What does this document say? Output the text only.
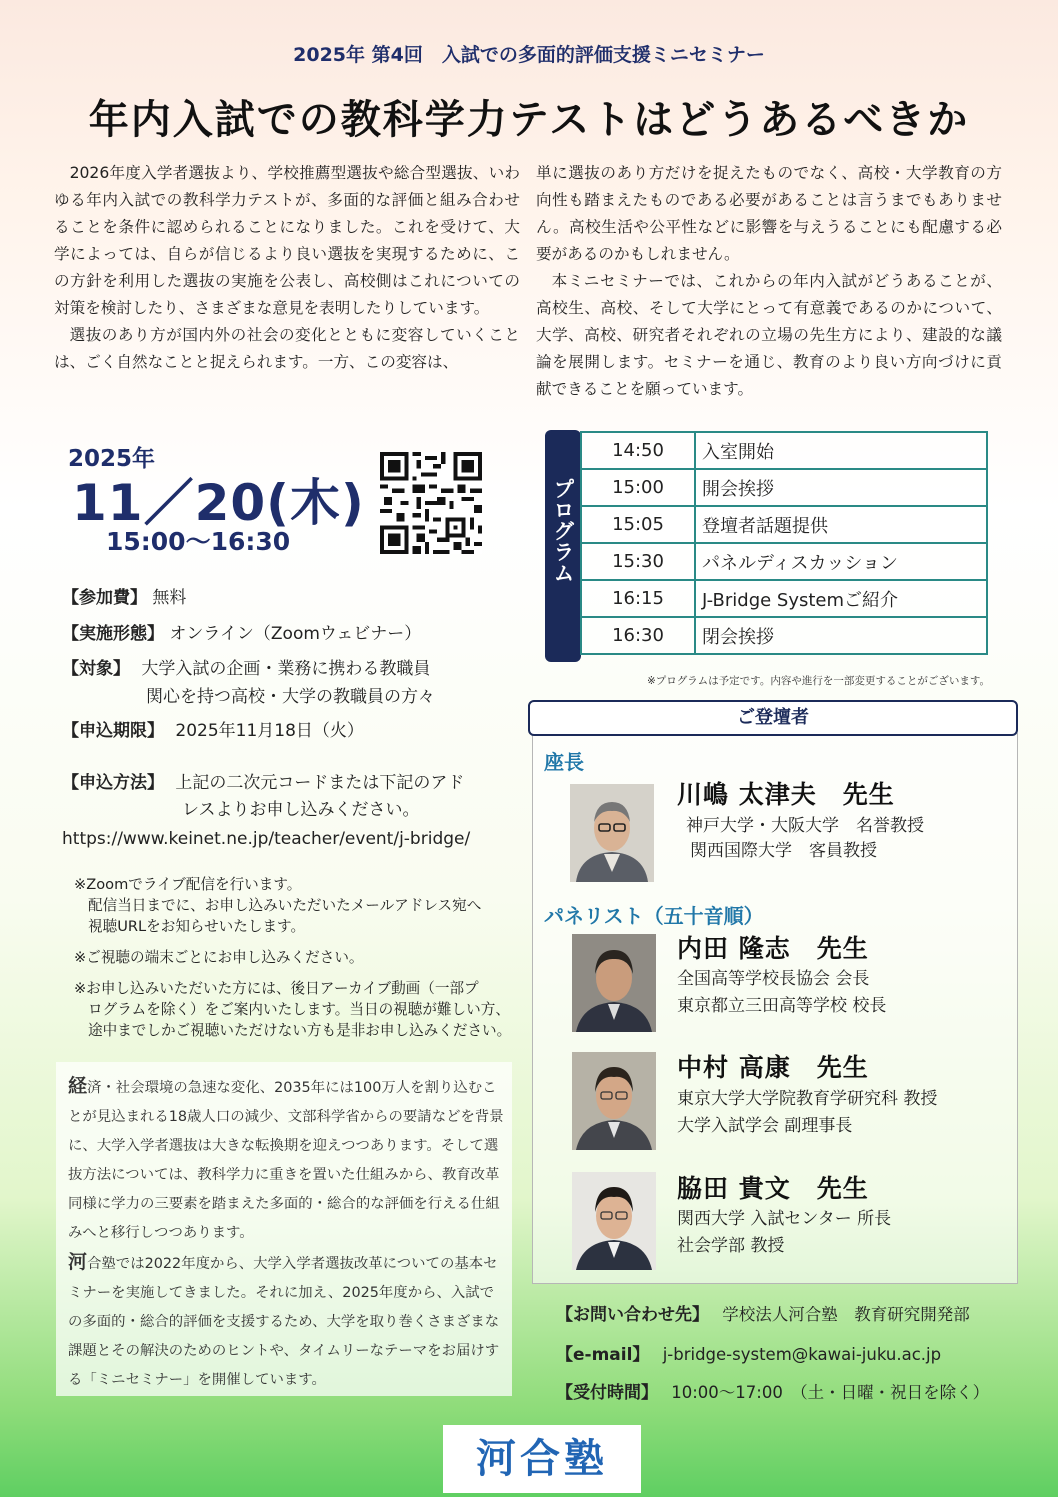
2025年 第4回　入試での多面的評価支援ミニセミナー
年内入試での教科学力テストはどうあるべきか

2026年度入学者選抜より、学校推薦型選抜や総合型選抜、いわゆる年内入試での教科学力テストが、多面的な評価と組み合わせることを条件に認められることになりました。これを受けて、大学によっては、自らが信じるより良い選抜を実現するために、この方針を利用した選抜の実施を公表し、高校側はこれについての対策を検討したり、さまざまな意見を表明したりしています。

選抜のあり方が国内外の社会の変化とともに変容していくことは、ごく自然なことと捉えられます。一方、この変容は、

単に選抜のあり方だけを捉えたものでなく、高校・大学教育の方向性も踏まえたものである必要があることは言うまでもありません。高校生活や公平性などに影響を与えうることにも配慮する必要があるのかもしれません。

本ミニセミナーでは、これからの年内入試がどうあることが、高校生、高校、そして大学にとって有意義であるのかについて、大学、高校、研究者それぞれの立場の先生方により、建設的な議論を展開します。セミナーを通じ、教育のより良い方向づけに貢献できることを願っています。

2025年
11／20(木)
15:00〜16:30
【参加費】 無料
【実施形態】 オンライン（Zoomウェビナー）
【対象】 大学入試の企画・業務に携わる教職員
関心を持つ高校・大学の教職員の方々
【申込期限】 2025年11月18日（火）
【申込方法】 上記の二次元コードまたは下記のアド
レスよりお申し込みください。
https://www.keinet.ne.jp/teacher/event/j-bridge/
※Zoomでライブ配信を行います。
配信当日までに、お申し込みいただいたメールアドレス宛へ
視聴URLをお知らせいたします。
※ご視聴の端末ごとにお申し込みください。
※お申し込みいただいた方には、後日アーカイブ動画（一部プ
ログラムを除く）をご案内いたします。当日の視聴が難しい方、
途中までしかご視聴いただけない方も是非お申し込みください。

経済・社会環境の急速な変化、2035年には100万人を割り込むことが見込まれる18歳人口の減少、文部科学省からの要請などを背景に、大学入学者選抜は大きな転換期を迎えつつあります。そして選抜方法については、教科学力に重きを置いた仕組みから、教育改革同様に学力の三要素を踏まえた多面的・総合的な評価を行える仕組みへと移行しつつあります。

河合塾では2022年度から、大学入学者選抜改革についての基本セミナーを実施してきました。それに加え、2025年度から、入試での多面的・総合的評価を支援するため、大学を取り巻くさまざまな課題とその解決のためのヒントや、タイムリーなテーマをお届けする「ミニセミナー」を開催しています。

プログラム
14:50	入室開始
15:00	開会挨拶
15:05	登壇者話題提供
15:30	パネルディスカッション
16:15	J-Bridge Systemご紹介
16:30	閉会挨拶
※プログラムは予定です。内容や進行を一部変更することがございます。
ご登壇者
座長
川嶋 太津夫　先生
神戸大学・大阪大学　名誉教授
関西国際大学　客員教授
パネリスト（五十音順）
内田 隆志　先生
全国高等学校長協会 会長
東京都立三田高等学校 校長
中村 高康　先生
東京大学大学院教育学研究科 教授
大学入試学会 副理事長
脇田 貴文　先生
関西大学 入試センター 所長
社会学部 教授
【お問い合わせ先】 学校法人河合塾　教育研究開発部
【e-mail】 j-bridge-system@kawai-juku.ac.jp
【受付時間】 10:00〜17:00　（土・日曜・祝日を除く）
河合塾
